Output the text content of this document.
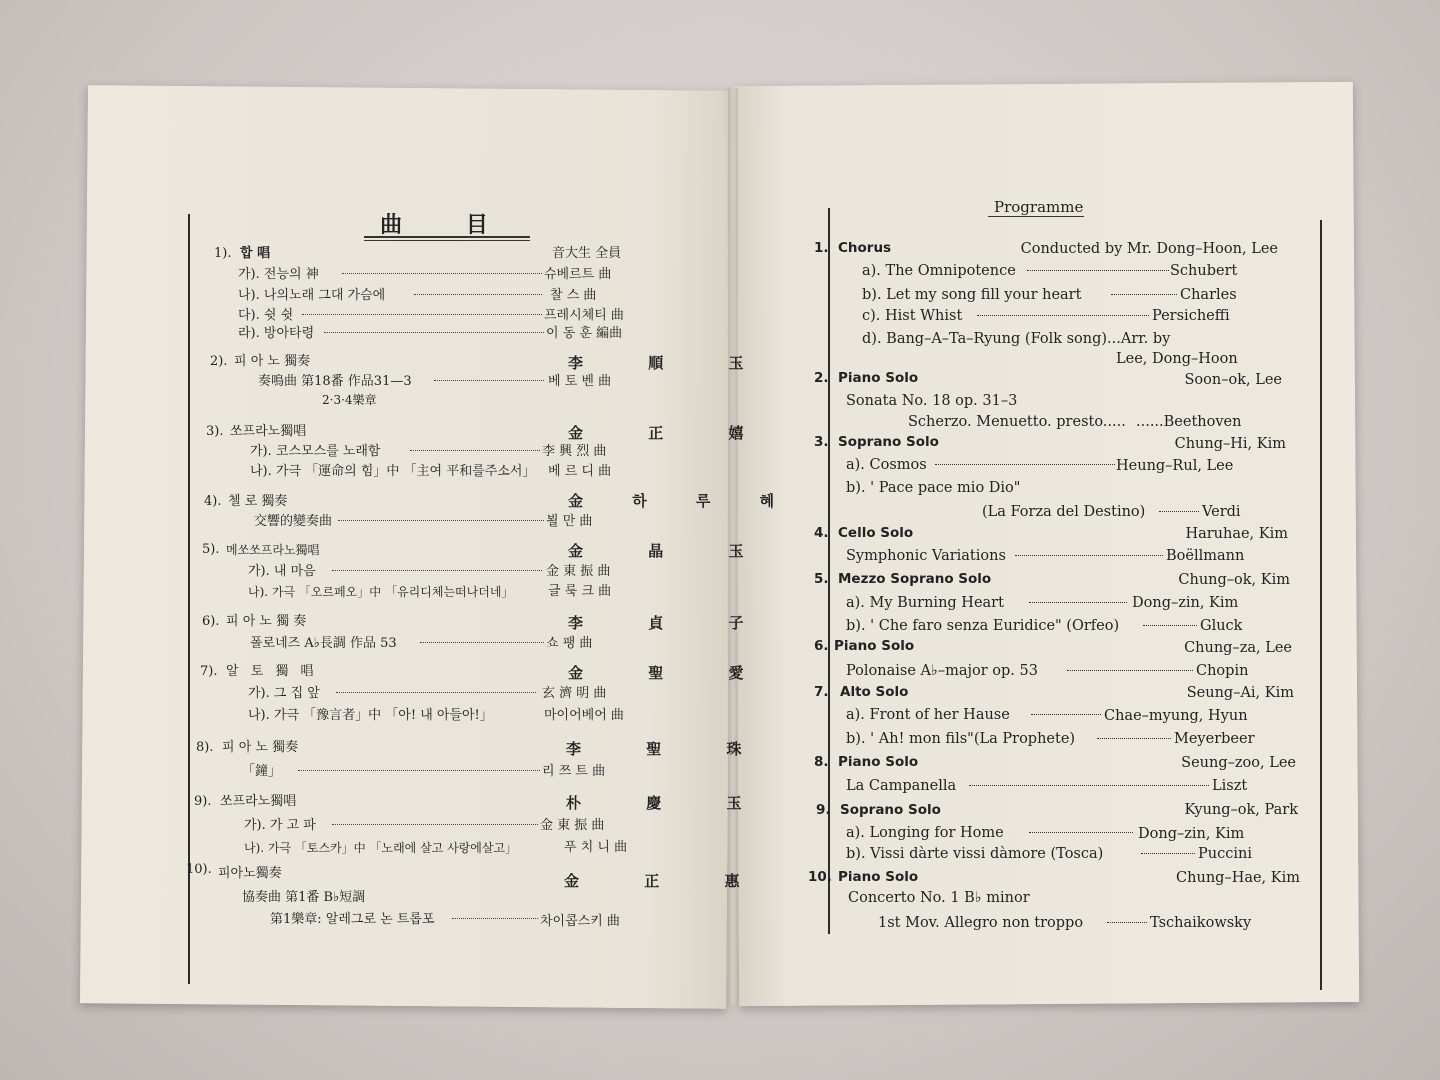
曲 目
1). 합 唱	音大生 全員
가). 전능의 神	슈베르트 曲
나). 나의노래 그대 가슴에	찰 스 曲
다). 쉿 쉿	프레시체티 曲
라). 방아타령	이 동 훈 編曲
2). 피 아 노 獨奏	李 順 玉
奏鳴曲 第18番 作品31—3	베 토 벤 曲
2·3·4樂章
3). 쏘프라노獨唱	金 正 嬉
가). 코스모스를 노래함	李 興 烈 曲
나). 가극 「運命의 힘」中 「主여 平和를주소서」 베 르 디 曲
4). 첼 로 獨奏	金 하 루 혜
交響的變奏曲	뵐 만 曲
5). 메쏘쏘프라노獨唱	金 晶 玉
가). 내 마음	金 東 振 曲
나). 가극 「오르페오」中 「유리디체는떠나더네」	글 룩 크 曲
6). 피 아 노 獨 奏	李 貞 子
폴로네즈 A♭長調 作品 53	쇼 팽 曲
7). 알 토 獨 唱	金 聖 愛
가). 그 집 앞	玄 濟 明 曲
나). 가극 「豫言者」中 「아! 내 아들아!」	마이어베어 曲
8). 피 아 노 獨奏	李 聖 珠
「鐘」	리 쯔 트 曲
9). 쏘프라노獨唱	朴 慶 玉
가). 가 고 파	金 東 振 曲
나). 가극 「토스카」中 「노래에 살고 사랑에살고」	푸 치 니 曲
10). 피아노獨奏	金 正 惠
協奏曲 第1番 B♭短調
第1樂章: 알레그로 논 트롭포	차이콥스키 曲
Programme
1. Chorus	Conducted by Mr. Dong–Hoon, Lee
a). The Omnipotence	Schubert
b). Let my song fill your heart	Charles
c). Hist Whist	Persicheffi
d). Bang–A–Ta–Ryung (Folk song)...Arr. by
Lee, Dong–Hoon
2. Piano Solo	Soon–ok, Lee
Sonata No. 18 op. 31–3
Scherzo. Menuetto. presto..... ......Beethoven
3. Soprano Solo	Chung–Hi, Kim
a). Cosmos	Heung–Rul, Lee
b). ' Pace pace mio Dio"
(La Forza del Destino)	Verdi
4. Cello Solo	Haruhae, Kim
Symphonic Variations	Boëllmann
5. Mezzo Soprano Solo	Chung–ok, Kim
a). My Burning Heart	Dong–zin, Kim
b). ' Che faro senza Euridice" (Orfeo)	Gluck
6. Piano Solo	Chung–za, Lee
Polonaise A♭–major op. 53	Chopin
7. Alto Solo	Seung–Ai, Kim
a). Front of her Hause	Chae–myung, Hyun
b). ' Ah! mon fils"(La Prophete)	Meyerbeer
8. Piano Solo	Seung–zoo, Lee
La Campanella	Liszt
9. Soprano Solo	Kyung–ok, Park
a). Longing for Home	Dong–zin, Kim
b). Vissi dàrte vissi dàmore (Tosca)	Puccini
10. Piano Solo	Chung–Hae, Kim
Concerto No. 1 B♭ minor
1st Mov. Allegro non troppo	Tschaikowsky
